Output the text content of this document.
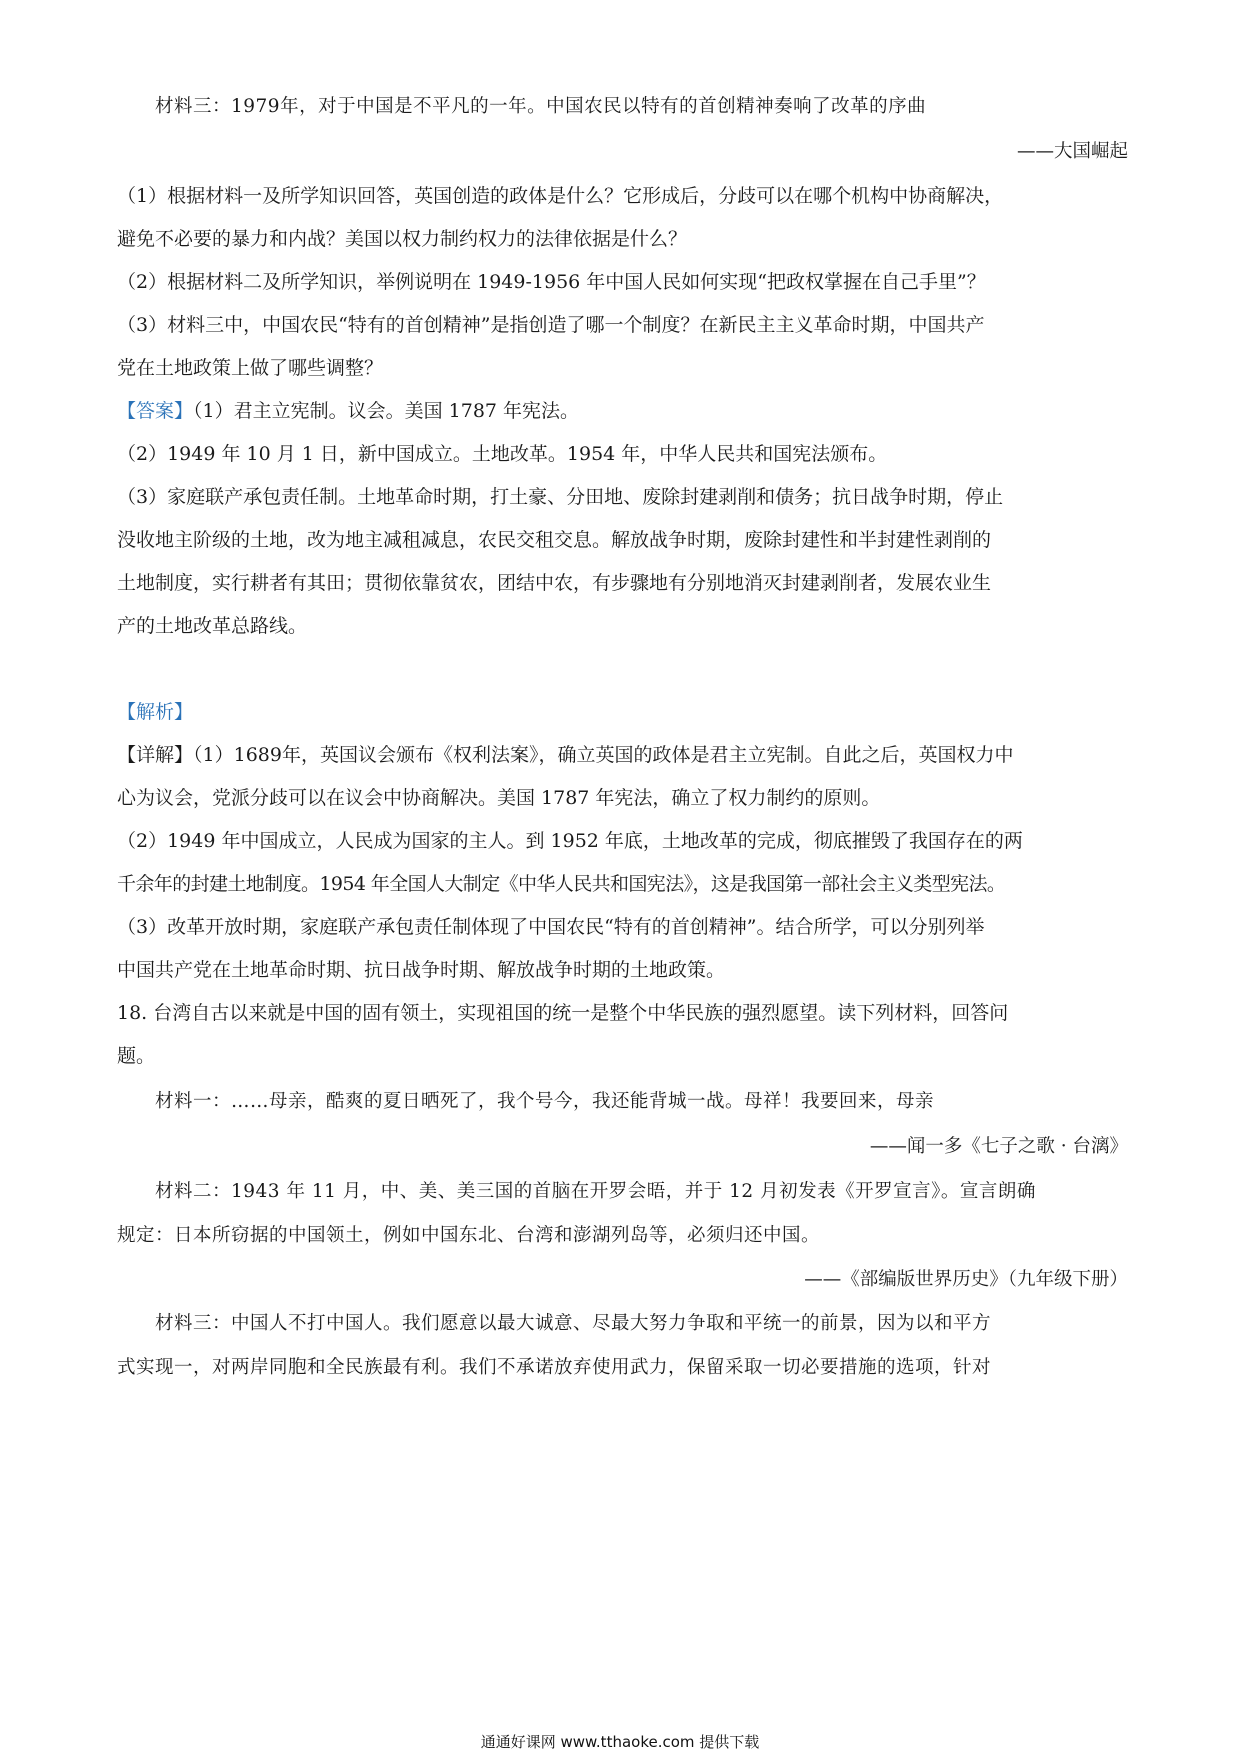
材料三：1979年，对于中国是不平凡的一年。中国农民以特有的首创精神奏响了改革的序曲
——大国崛起
（1）根据材料一及所学知识回答，英国创造的政体是什么？它形成后，分歧可以在哪个机构中协商解决，
避免不必要的暴力和内战？美国以权力制约权力的法律依据是什么？
（2）根据材料二及所学知识，举例说明在 1949-1956 年中国人民如何实现“把政权掌握在自己手里”？
（3）材料三中，中国农民“特有的首创精神”是指创造了哪一个制度？在新民主主义革命时期，中国共产
党在土地政策上做了哪些调整？
【答案】（1）君主立宪制。议会。美国 1787 年宪法。
（2）1949 年 10 月 1 日，新中国成立。土地改革。1954 年，中华人民共和国宪法颁布。
（3）家庭联产承包责任制。土地革命时期，打土豪、分田地、废除封建剥削和债务；抗日战争时期，停止
没收地主阶级的土地，改为地主减租减息，农民交租交息。解放战争时期，废除封建性和半封建性剥削的
土地制度，实行耕者有其田；贯彻依靠贫农，团结中农，有步骤地有分别地消灭封建剥削者，发展农业生
产的土地改革总路线。
【解析】
【详解】（1）1689年，英国议会颁布《权利法案》，确立英国的政体是君主立宪制。自此之后，英国权力中
心为议会，党派分歧可以在议会中协商解决。美国 1787 年宪法，确立了权力制约的原则。
（2）1949 年中国成立，人民成为国家的主人。到 1952 年底，土地改革的完成，彻底摧毁了我国存在的两
千余年的封建土地制度。1954 年全国人大制定《中华人民共和国宪法》，这是我国第一部社会主义类型宪法。
（3）改革开放时期，家庭联产承包责任制体现了中国农民“特有的首创精神”。结合所学，可以分别列举
中国共产党在土地革命时期、抗日战争时期、解放战争时期的土地政策。
18. 台湾自古以来就是中国的固有领土，实现祖国的统一是整个中华民族的强烈愿望。读下列材料，回答问
题。
材料一：……母亲，酷爽的夏日晒死了，我个号今，我还能背城一战。母祥！我要回来，母亲
——闻一多《七子之歌 · 台漓》
材料二：1943 年 11 月，中、美、美三国的首脑在开罗会晤，并于 12 月初发表《开罗宣言》。宣言朗确
规定：日本所窃据的中国领土，例如中国东北、台湾和澎湖列岛等，必须归还中国。
——《部编版世界历史》（九年级下册）
材料三：中国人不打中国人。我们愿意以最大诚意、尽最大努力争取和平统一的前景，因为以和平方
式实现一，对两岸同胞和全民族最有利。我们不承诺放弃使用武力，保留采取一切必要措施的选项，针对
通通好课网 www.tthaoke.com 提供下载
